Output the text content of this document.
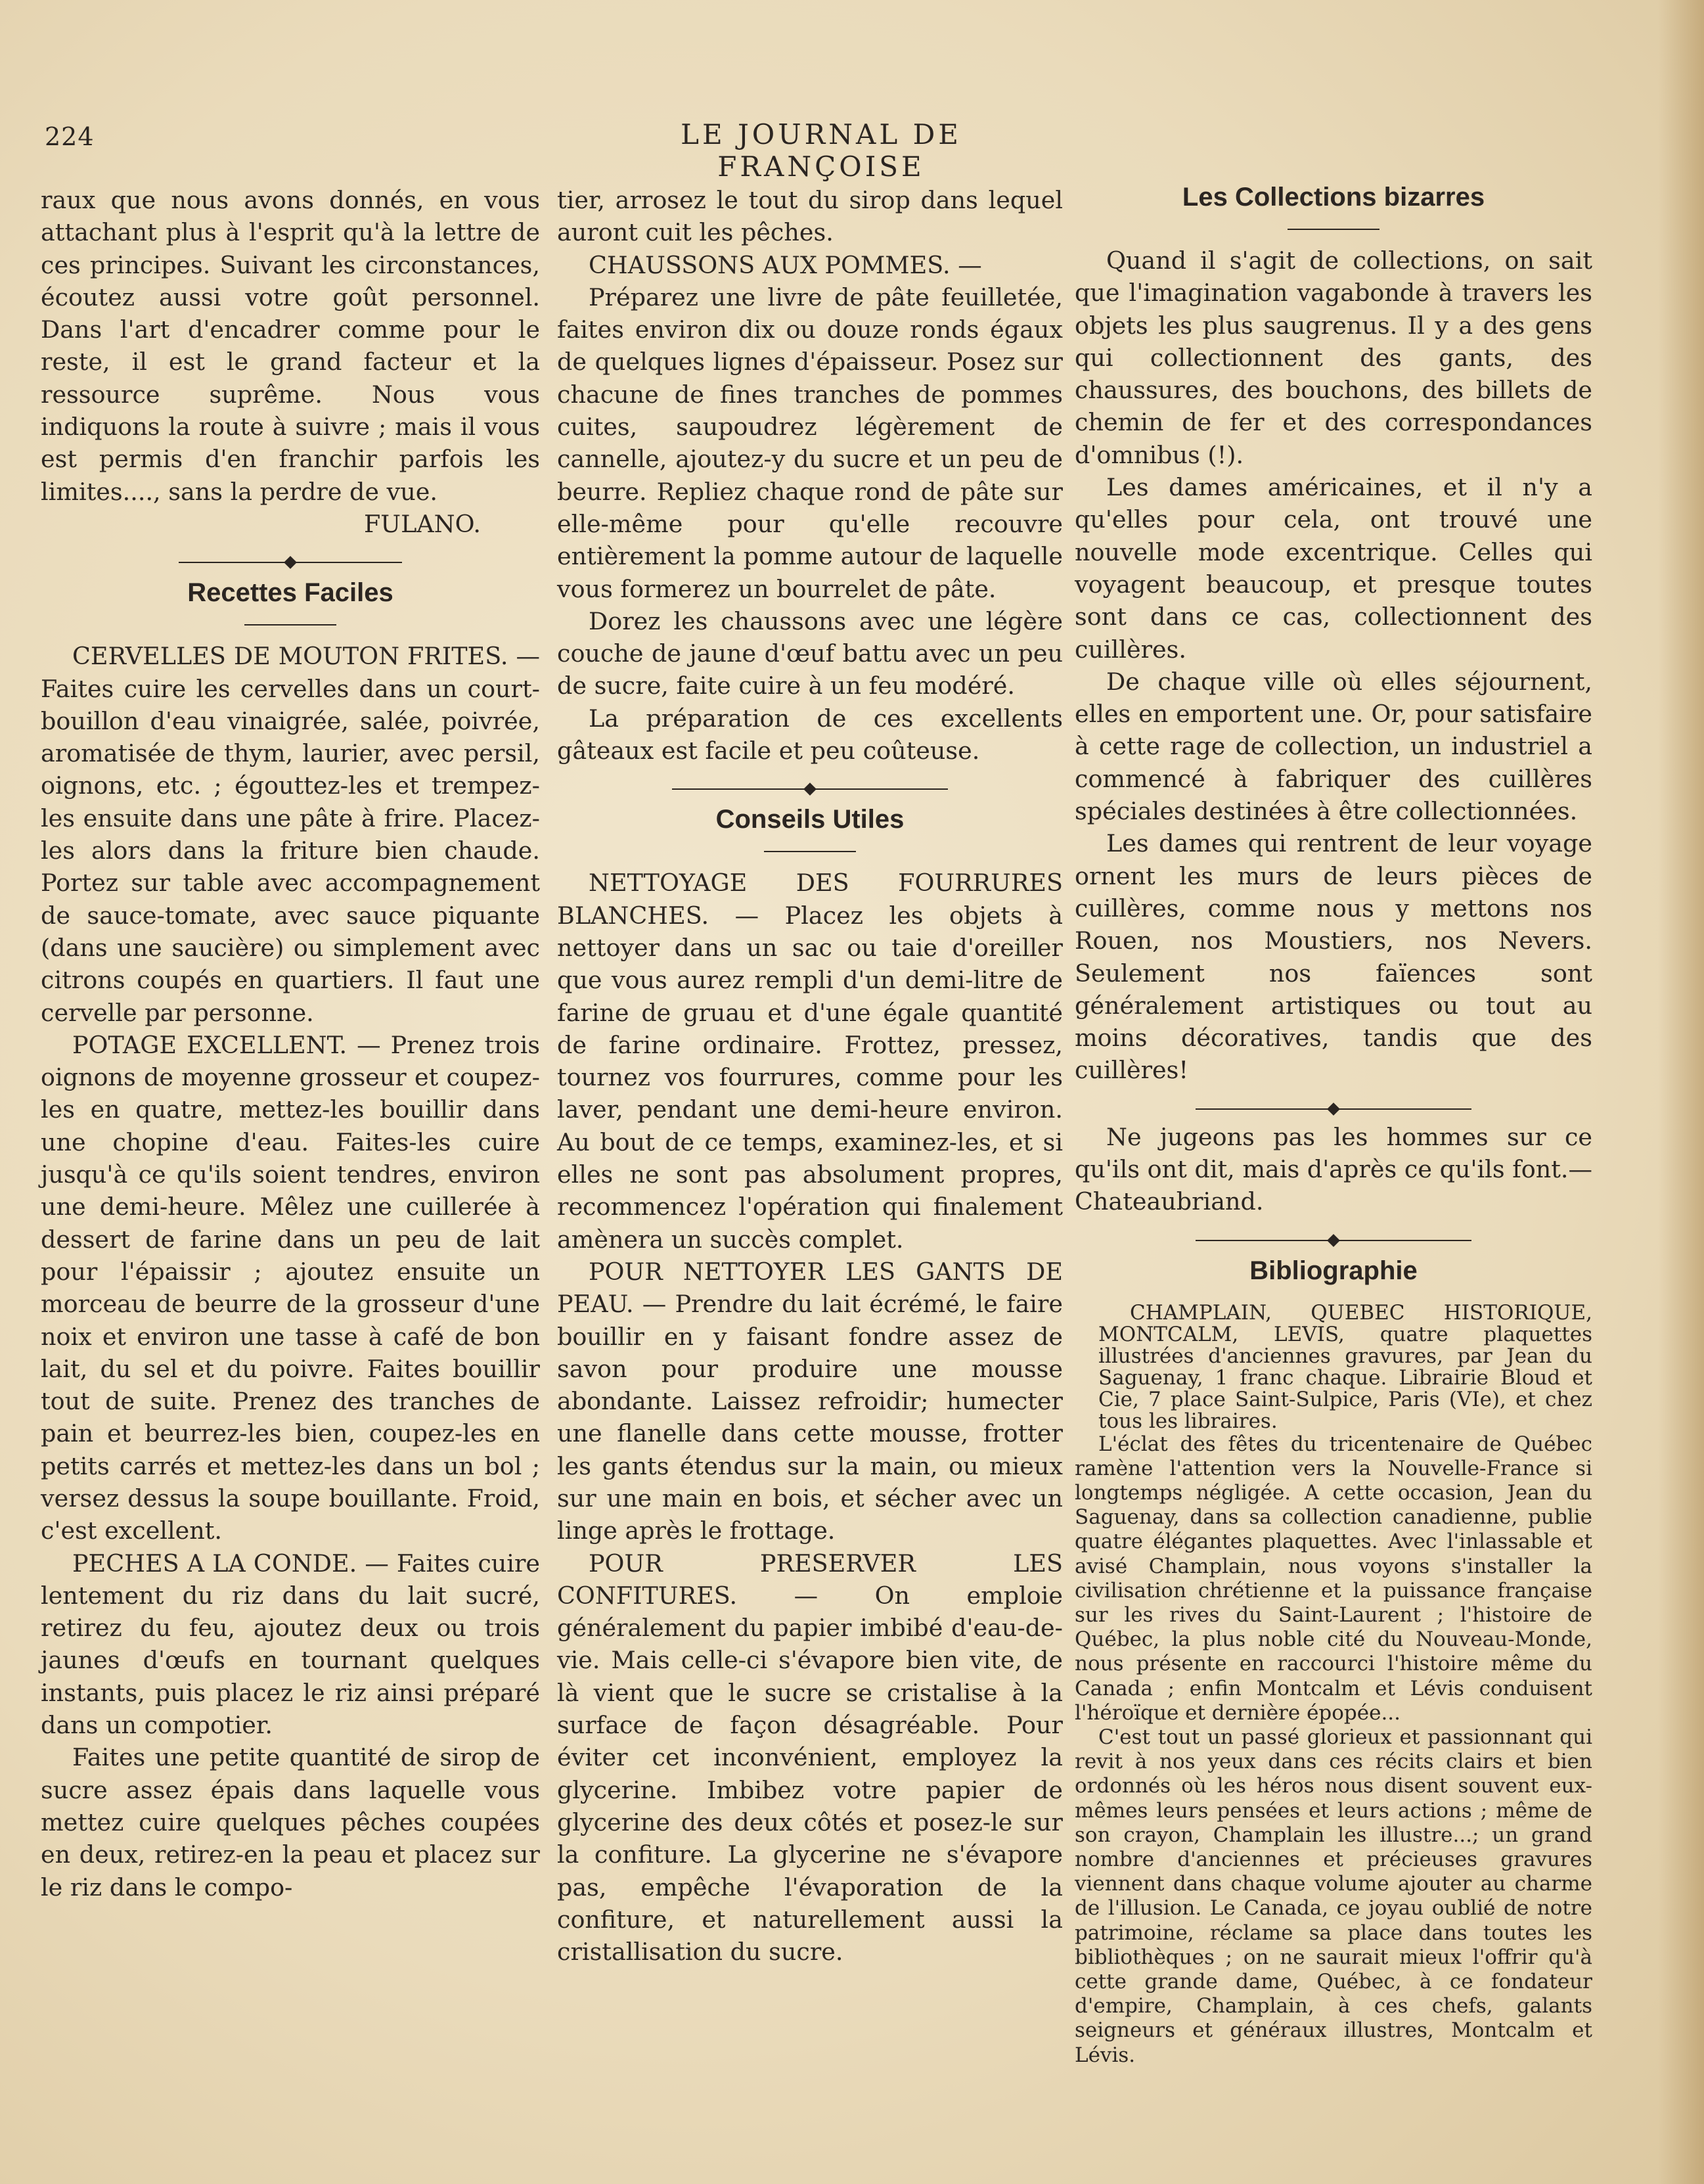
224	LE JOURNAL DE FRANÇOISE

raux que nous avons donnés, en vous attachant plus à l'esprit qu'à la lettre de ces principes. Suivant les circonstances, écoutez aussi votre goût personnel. Dans l'art d'encadrer comme pour le reste, il est le grand facteur et la ressource suprême. Nous vous indiquons la route à suivre ; mais il vous est permis d'en franchir parfois les limites...., sans la perdre de vue.

FULANO.

Recettes Faciles

CERVELLES DE MOUTON FRITES. — Faites cuire les cervelles dans un court-bouillon d'eau vinaigrée, salée, poivrée, aromatisée de thym, laurier, avec persil, oignons, etc. ; égouttez-les et trempez-les ensuite dans une pâte à frire. Placez-les alors dans la friture bien chaude. Portez sur table avec accompagnement de sauce-tomate, avec sauce piquante (dans une saucière) ou simplement avec citrons coupés en quartiers. Il faut une cervelle par personne.

POTAGE EXCELLENT. — Prenez trois oignons de moyenne grosseur et coupez-les en quatre, mettez-les bouillir dans une chopine d'eau. Faites-les cuire jusqu'à ce qu'ils soient tendres, environ une demi-heure. Mêlez une cuillerée à dessert de farine dans un peu de lait pour l'épaissir ; ajoutez ensuite un morceau de beurre de la grosseur d'une noix et environ une tasse à café de bon lait, du sel et du poivre. Faites bouillir tout de suite. Prenez des tranches de pain et beurrez-les bien, coupez-les en petits carrés et mettez-les dans un bol ; versez dessus la soupe bouillante. Froid, c'est excellent.

PECHES A LA CONDE. — Faites cuire lentement du riz dans du lait sucré, retirez du feu, ajoutez deux ou trois jaunes d'œufs en tournant quelques instants, puis placez le riz ainsi préparé dans un compotier.

Faites une petite quantité de sirop de sucre assez épais dans laquelle vous mettez cuire quelques pêches coupées en deux, retirez-en la peau et placez sur le riz dans le compo-

tier, arrosez le tout du sirop dans lequel auront cuit les pêches.

CHAUSSONS AUX POMMES. —

Préparez une livre de pâte feuilletée, faites environ dix ou douze ronds égaux de quelques lignes d'épaisseur. Posez sur chacune de fines tranches de pommes cuites, saupoudrez légèrement de cannelle, ajoutez-y du sucre et un peu de beurre. Repliez chaque rond de pâte sur elle-même pour qu'elle recouvre entièrement la pomme autour de laquelle vous formerez un bourrelet de pâte.

Dorez les chaussons avec une légère couche de jaune d'œuf battu avec un peu de sucre, faite cuire à un feu modéré.

La préparation de ces excellents gâteaux est facile et peu coûteuse.

Conseils Utiles

NETTOYAGE DES FOURRURES BLANCHES. — Placez les objets à nettoyer dans un sac ou taie d'oreiller que vous aurez rempli d'un demi-litre de farine de gruau et d'une égale quantité de farine ordinaire. Frottez, pressez, tournez vos fourrures, comme pour les laver, pendant une demi-heure environ. Au bout de ce temps, examinez-les, et si elles ne sont pas absolument propres, recommencez l'opération qui finalement amènera un succès complet.

POUR NETTOYER LES GANTS DE PEAU. — Prendre du lait écrémé, le faire bouillir en y faisant fondre assez de savon pour produire une mousse abondante. Laissez refroidir; humecter une flanelle dans cette mousse, frotter les gants étendus sur la main, ou mieux sur une main en bois, et sécher avec un linge après le frottage.

POUR PRESERVER LES CONFITURES. — On emploie généralement du papier imbibé d'eau-de-vie. Mais celle-ci s'évapore bien vite, de là vient que le sucre se cristalise à la surface de façon désagréable. Pour éviter cet inconvénient, employez la glycerine. Imbibez votre papier de glycerine des deux côtés et posez-le sur la confiture. La glycerine ne s'évapore pas, empêche l'évaporation de la confiture, et naturellement aussi la cristallisation du sucre.

Les Collections bizarres

Quand il s'agit de collections, on sait que l'imagination vagabonde à travers les objets les plus saugrenus. Il y a des gens qui collectionnent des gants, des chaussures, des bouchons, des billets de chemin de fer et des correspondances d'omnibus (!).

Les dames américaines, et il n'y a qu'elles pour cela, ont trouvé une nouvelle mode excentrique. Celles qui voyagent beaucoup, et presque toutes sont dans ce cas, collectionnent des cuillères.

De chaque ville où elles séjournent, elles en emportent une. Or, pour satisfaire à cette rage de collection, un industriel a commencé à fabriquer des cuillères spéciales destinées à être collectionnées.

Les dames qui rentrent de leur voyage ornent les murs de leurs pièces de cuillères, comme nous y mettons nos Rouen, nos Moustiers, nos Nevers. Seulement nos faïences sont généralement artistiques ou tout au moins décoratives, tandis que des cuillères!

Ne jugeons pas les hommes sur ce qu'ils ont dit, mais d'après ce qu'ils font.—Chateaubriand.

Bibliographie

CHAMPLAIN, QUEBEC HISTORIQUE, MONTCALM, LEVIS, quatre plaquettes illustrées d'anciennes gravures, par Jean du Saguenay, 1 franc chaque. Librairie Bloud et Cie, 7 place Saint-Sulpice, Paris (VIe), et chez tous les libraires.

L'éclat des fêtes du tricentenaire de Québec ramène l'attention vers la Nouvelle-France si longtemps négligée. A cette occasion, Jean du Saguenay, dans sa collection canadienne, publie quatre élégantes plaquettes. Avec l'inlassable et avisé Champlain, nous voyons s'installer la civilisation chrétienne et la puissance française sur les rives du Saint-Laurent ; l'histoire de Québec, la plus noble cité du Nouveau-Monde, nous présente en raccourci l'histoire même du Canada ; enfin Montcalm et Lévis conduisent l'héroïque et dernière épopée...

C'est tout un passé glorieux et passionnant qui revit à nos yeux dans ces récits clairs et bien ordonnés où les héros nous disent souvent eux-mêmes leurs pensées et leurs actions ; même de son crayon, Champlain les illustre...; un grand nombre d'anciennes et précieuses gravures viennent dans chaque volume ajouter au charme de l'illusion. Le Canada, ce joyau oublié de notre patrimoine, réclame sa place dans toutes les bibliothèques ; on ne saurait mieux l'offrir qu'à cette grande dame, Québec, à ce fondateur d'empire, Champlain, à ces chefs, galants seigneurs et généraux illustres, Montcalm et Lévis.
